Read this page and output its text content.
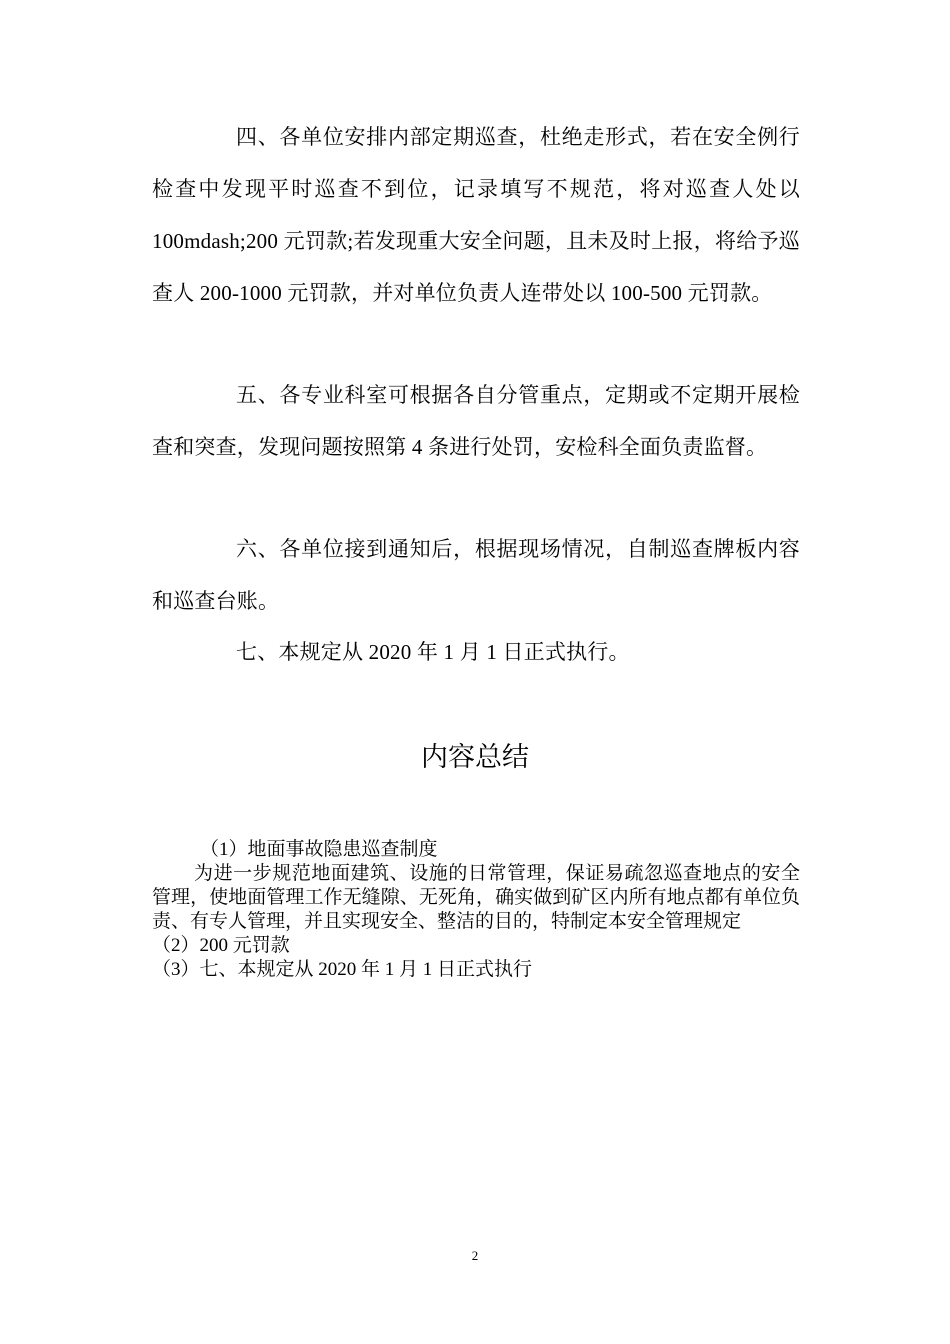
四、各单位安排内部定期巡查，杜绝走形式，若在安全例行检查中发现平时巡查不到位，记录填写不规范，将对巡查人处以 100mdash;200 元罚款;若发现重大安全问题，且未及时上报，将给予巡查人 200-1000 元罚款，并对单位负责人连带处以 100-500 元罚款。

五、各专业科室可根据各自分管重点，定期或不定期开展检查和突查，发现问题按照第 4 条进行处罚，安检科全面负责监督。

六、各单位接到通知后，根据现场情况，自制巡查牌板内容和巡查台账。

七、本规定从 2020 年 1 月 1 日正式执行。

内容总结

（1）地面事故隐患巡查制度

为进一步规范地面建筑、设施的日常管理，保证易疏忽巡查地点的安全管理，使地面管理工作无缝隙、无死角，确实做到矿区内所有地点都有单位负责、有专人管理，并且实现安全、整洁的目的，特制定本安全管理规定

（2）200 元罚款

（3）七、本规定从 2020 年 1 月 1 日正式执行

2
